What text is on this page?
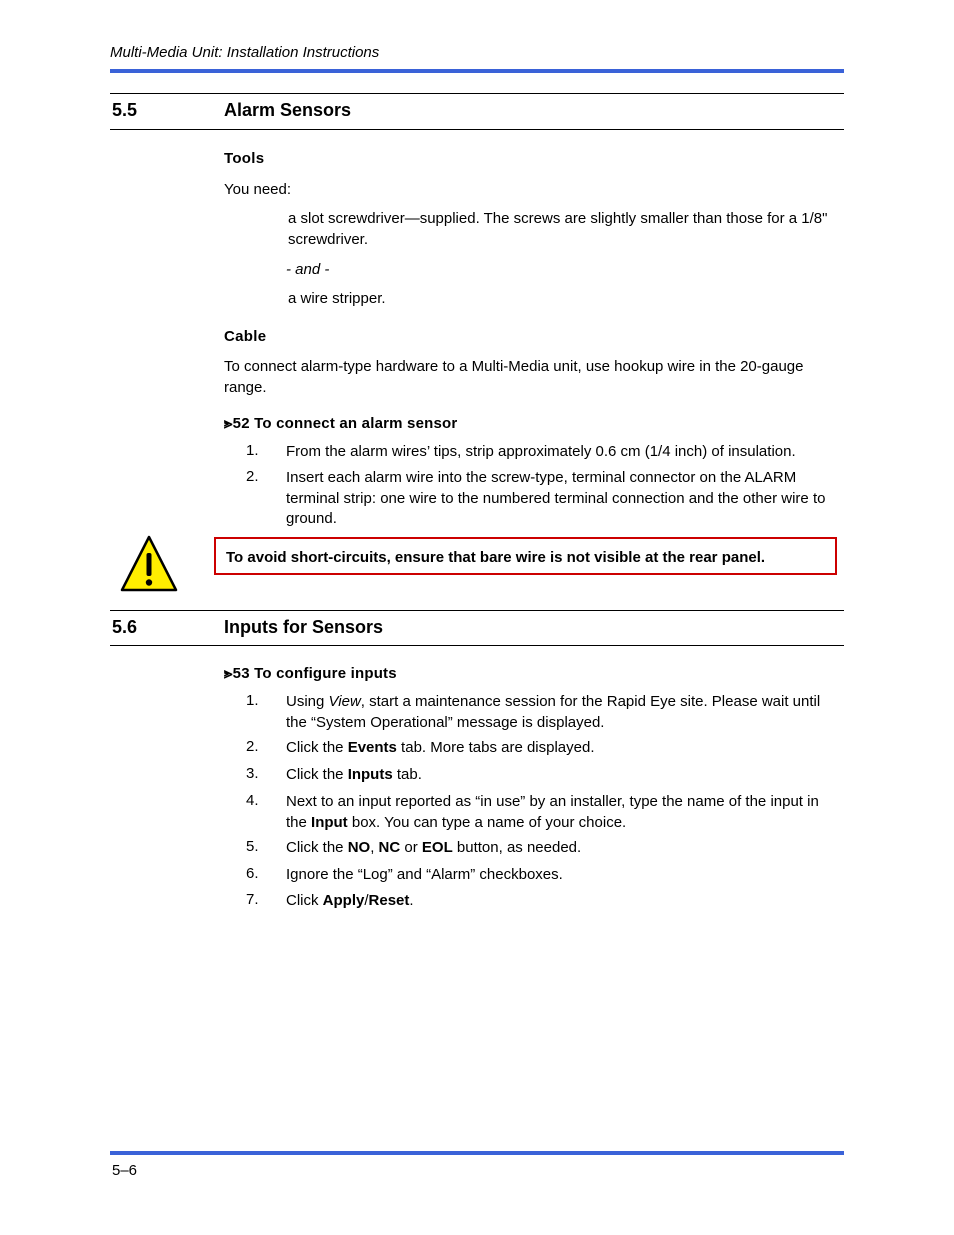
Multi-Media Unit: Installation Instructions
5.5	Alarm Sensors
Tools
You need:
a slot screwdriver—supplied. The screws are slightly smaller than those for a 1/8" screwdriver.
- and -
a wire stripper.
Cable
To connect alarm-type hardware to a Multi-Media unit, use hookup wire in the 20-gauge range.
⪢52 To connect an alarm sensor
1. From the alarm wires’ tips, strip approximately 0.6 cm (1/4 inch) of insulation.
2. Insert each alarm wire into the screw-type, terminal connector on the ALARM terminal strip: one wire to the numbered terminal connection and the other wire to ground.
To avoid short-circuits, ensure that bare wire is not visible at the rear panel.
5.6	Inputs for Sensors
⪢53 To configure inputs
1. Using View, start a maintenance session for the Rapid Eye site. Please wait until the “System Operational” message is displayed.
2. Click the Events tab. More tabs are displayed.
3. Click the Inputs tab.
4. Next to an input reported as “in use” by an installer, type the name of the input in the Input box. You can type a name of your choice.
5. Click the NO, NC or EOL button, as needed.
6. Ignore the “Log” and “Alarm” checkboxes.
7. Click Apply/Reset.
5–6
